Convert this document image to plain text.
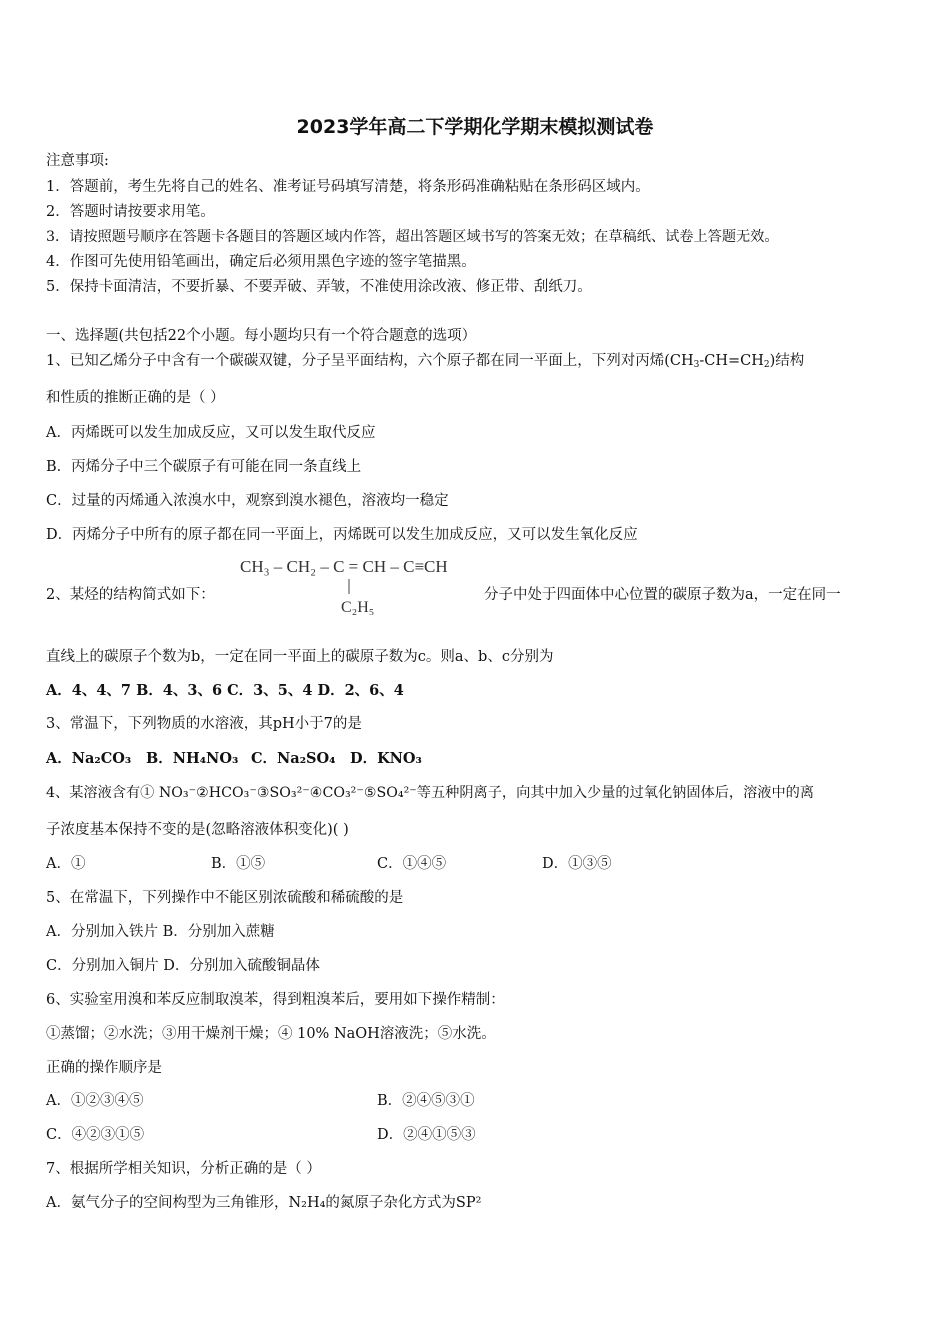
2023学年高二下学期化学期末模拟测试卷
注意事项:
1．答题前，考生先将自己的姓名、准考证号码填写清楚，将条形码准确粘贴在条形码区域内。
2．答题时请按要求用笔。
3．请按照题号顺序在答题卡各题目的答题区域内作答，超出答题区域书写的答案无效；在草稿纸、试卷上答题无效。
4．作图可先使用铅笔画出，确定后必须用黑色字迹的签字笔描黑。
5．保持卡面清洁，不要折暴、不要弄破、弄皱，不准使用涂改液、修正带、刮纸刀。
一、选择题(共包括22个小题。每小题均只有一个符合题意的选项）
1、已知乙烯分子中含有一个碳碳双键，分子呈平面结构，六个原子都在同一平面上，下列对丙烯$(CH_3-CH=CH_2)$结构
和性质的推断正确的是（ ）
A．丙烯既可以发生加成反应，又可以发生取代反应
B．丙烯分子中三个碳原子有可能在同一条直线上
C．过量的丙烯通入浓溴水中，观察到溴水褪色，溶液均一稳定
D．丙烯分子中所有的原子都在同一平面上，丙烯既可以发生加成反应，又可以发生氧化反应
2、某烃的结构简式如下：
CH₃ – CH₂ – C = CH – C≡CH
C₂H₅
分子中处于四面体中心位置的碳原子数为a，一定在同一
直线上的碳原子个数为b，一定在同一平面上的碳原子数为c。则a、b、c分别为
A．4、4、7 B．4、3、6 C．3、5、4 D．2、6、4
3、常温下，下列物质的水溶液，其pH小于7的是
A．Na₂CO₃ B．NH₄NO₃ C．Na₂SO₄ D．KNO₃
4、某溶液含有① NO₃⁻②HCO₃⁻③SO₃²⁻④CO₃²⁻⑤SO₄²⁻等五种阴离子，向其中加入少量的过氧化钠固体后，溶液中的离
子浓度基本保持不变的是(忽略溶液体积变化)( )
A．①	B．①⑤	C．①④⑤	D．①③⑤
5、在常温下，下列操作中不能区别浓硫酸和稀硫酸的是
A．分别加入铁片 B．分别加入蔗糖
C．分别加入铜片 D．分别加入硫酸铜晶体
6、实验室用溴和苯反应制取溴苯，得到粗溴苯后，要用如下操作精制：
①蒸馏；②水洗；③用干燥剂干燥；④ 10% NaOH溶液洗；⑤水洗。
正确的操作顺序是
A．①②③④⑤	B．②④⑤③①
C．④②③①⑤	D．②④①⑤③
7、根据所学相关知识，分析正确的是（ ）
A．氨气分子的空间构型为三角锥形，N₂H₄的氮原子杂化方式为SP²
